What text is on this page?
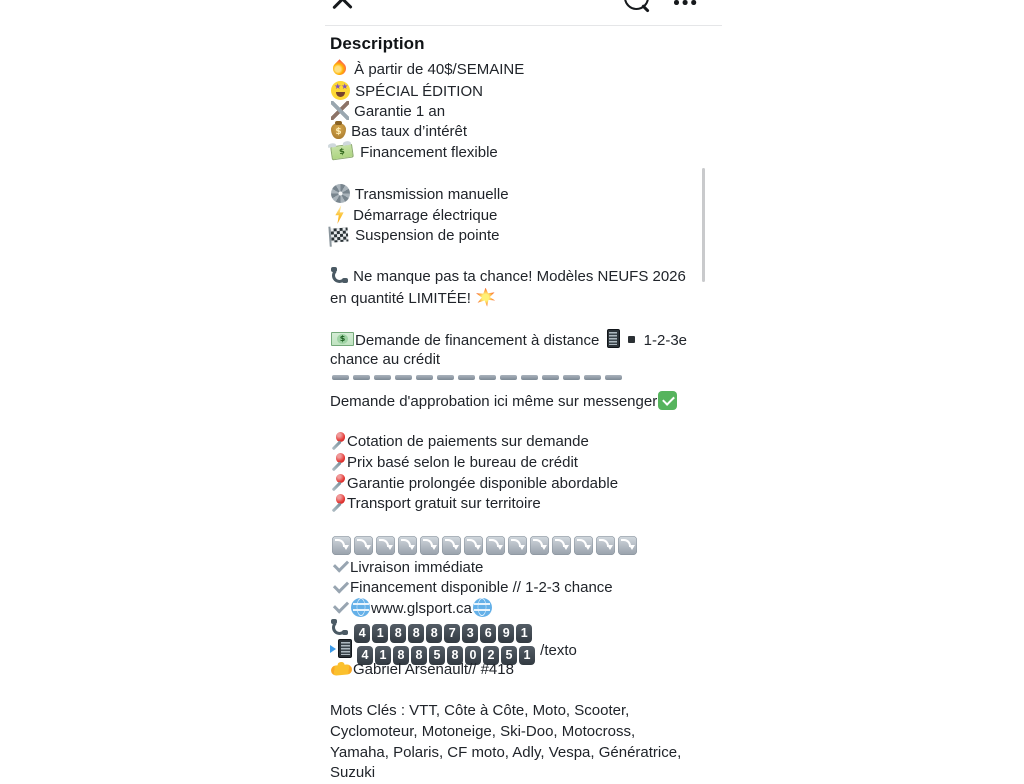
Description
À partir de 40$/SEMAINE
★ ★  SPÉCIAL ÉDITION
Garantie 1 an
$ Bas taux d’intérêt
$  Financement flexible
Transmission manuelle
Démarrage électrique
Suspension de pointe
Ne manque pas ta chance! Modèles NEUFS 2026
en quantité LIMITÉE!
$Demande de financement à distance  1-2-3e
chance au crédit
Demande d'approbation ici même sur messenger
Cotation de paiements sur demande
Prix basé selon le bureau de crédit
Garantie prolongée disponible abordable
Transport gratuit sur territoire
Livraison immédiate
Financement disponible // 1-2-3 chance
www.glsport.ca
4 1 8 8 8 7 3 6 9 1
4 1 8 8 5 8 0 2 5 1 /texto
Gabriel Arsenault// #418
Mots Clés : VTT, Côte à Côte, Moto, Scooter,
Cyclomoteur, Motoneige, Ski-Doo, Motocross,
Yamaha, Polaris, CF moto, Adly, Vespa, Génératrice,
Suzuki
